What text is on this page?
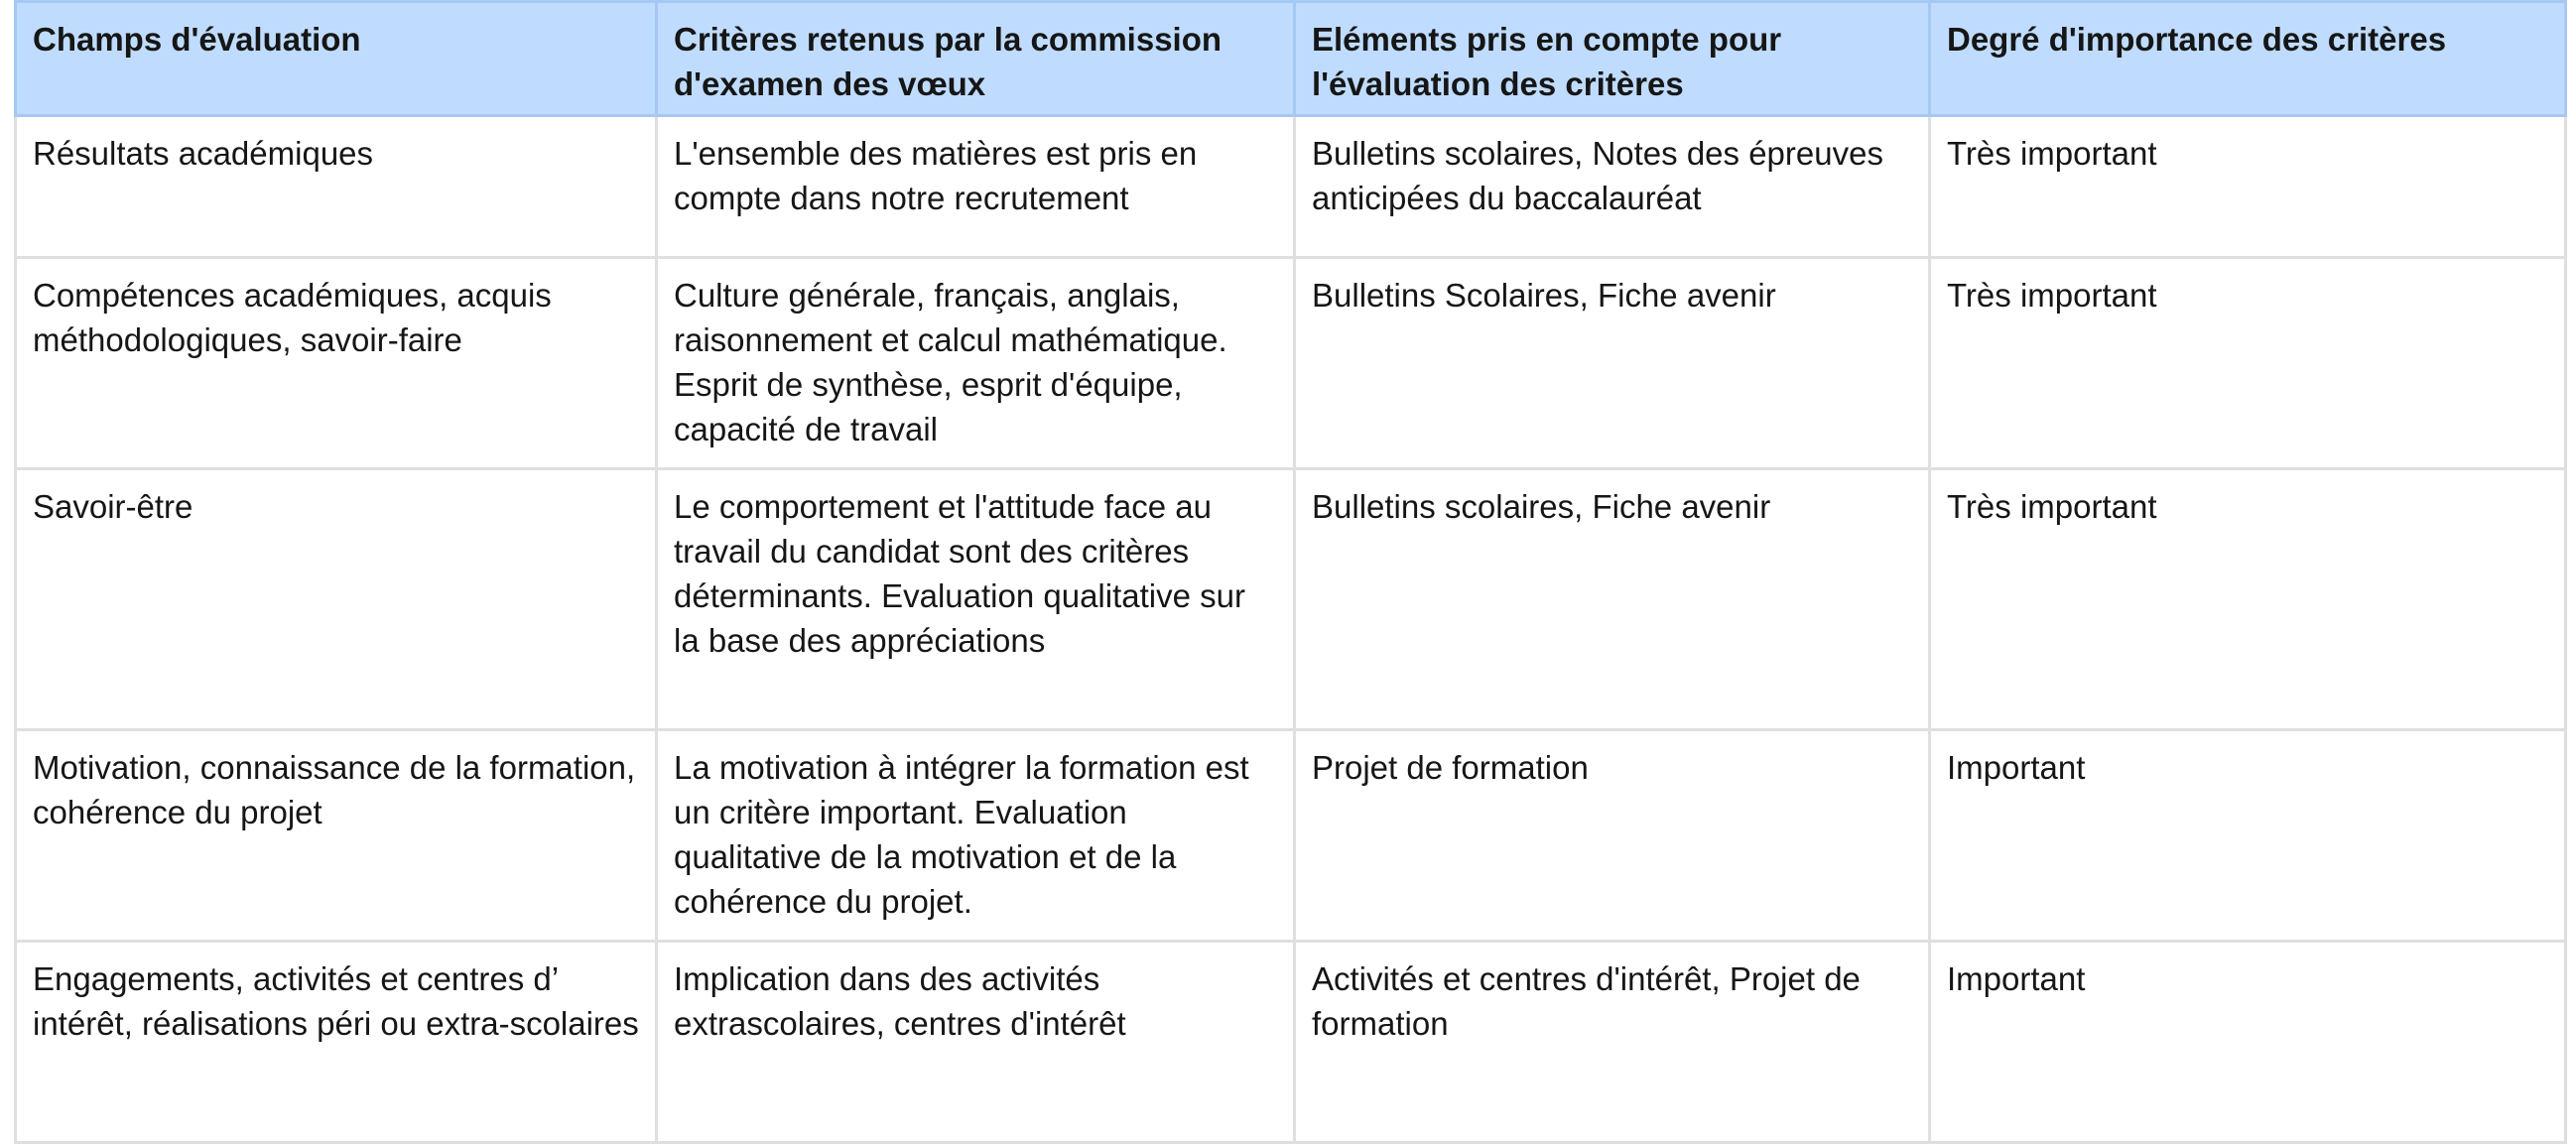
Champs d'évaluation	Critères retenus par la commission d'examen des vœux	Eléments pris en compte pour l'évaluation des critères	Degré d'importance des critères
Résultats académiques	L'ensemble des matières est pris en compte dans notre recrutement	Bulletins scolaires, Notes des épreuves anticipées du baccalauréat	Très important
Compétences académiques, acquis méthodologiques, savoir-faire	Culture générale, français, anglais, raisonnement et calcul mathématique. Esprit de synthèse, esprit d'équipe, capacité de travail	Bulletins Scolaires, Fiche avenir	Très important
Savoir-être	Le comportement et l'attitude face au travail du candidat sont des critères déterminants. Evaluation qualitative sur la base des appréciations	Bulletins scolaires, Fiche avenir	Très important
Motivation, connaissance de la formation, cohérence du projet	La motivation à intégrer la formation est un critère important. Evaluation qualitative de la motivation et de la cohérence du projet.	Projet de formation	Important
Engagements, activités et centres d’ intérêt, réalisations péri ou extra-scolaires	Implication dans des activités extrascolaires, centres d'intérêt	Activités et centres d'intérêt, Projet de formation	Important
